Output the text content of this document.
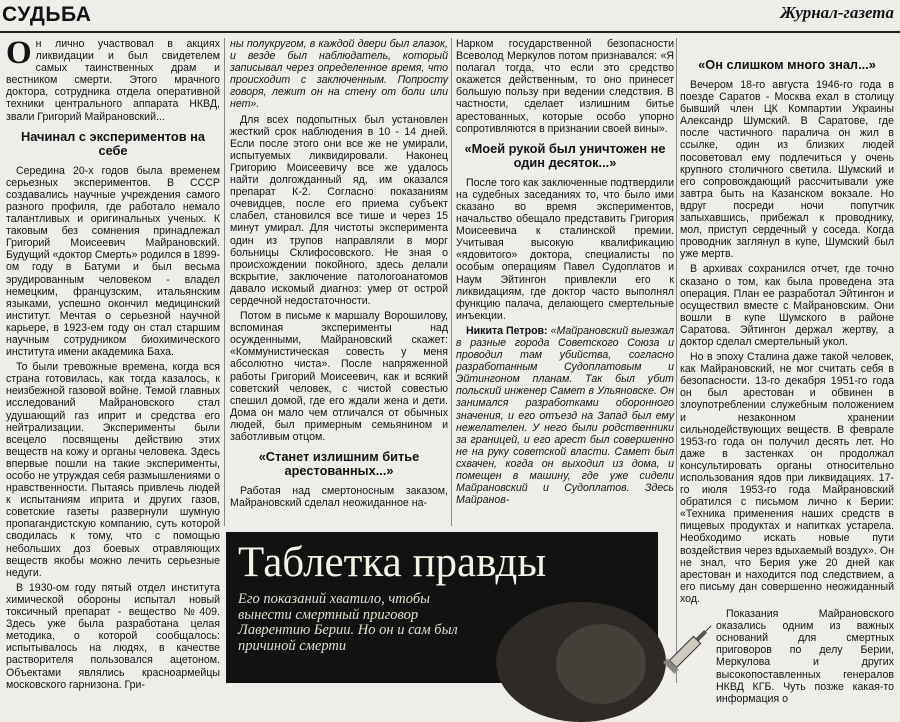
СУДЬБА	Журнал-газета

Он лично участвовал в акциях ликвидации и был свидетелем самых таинственных драм и вестником смерти. Этого мрачного доктора, сотрудника отдела оперативной техники центрального аппарата НКВД, звали Григорий Майрановский...

Начинал с экспериментов на себе

Середина 20-х годов была временем серьезных экспериментов. В СССР создавались научные учреждения самого разного профиля, где работало немало талантливых и оригинальных ученых. К таковым без сомнения принадлежал Григорий Моисеевич Майрановский. Будущий «доктор Смерть» родился в 1899-ом году в Батуми и был весьма эрудированным человеком - владел немецким, французским, итальянским языками, успешно окончил медицинский институт. Мечтая о серьезной научной карьере, в 1923-ем году он стал старшим научным сотрудником биохимического института имени академика Баха.

То были тревожные времена, когда вся страна готовилась, как тогда казалось, к неизбежной газовой войне. Темой главных исследований Майрановского стал удушающий газ иприт и средства его нейтрализации. Эксперименты были всецело посвящены действию этих веществ на кожу и органы человека. Здесь впервые пошли на такие эксперименты, особо не утруждая себя размышлениями о нравственности. Пытаясь привлечь людей к испытаниям иприта и других газов, советские газеты развернули шумную пропагандистскую компанию, суть которой сводилась к тому, что с помощью небольших доз боевых отравляющих веществ якобы можно лечить серьезные недуги.

В 1930-ом году пятый отдел института химической обороны испытал новый токсичный препарат - вещество №409. Здесь уже была разработана целая методика, о которой сообщалось: испытывалось на людях, в качестве растворителя пользовался ацетоном. Объектами являлись красноармейцы московского гарнизона. Гри-

ны полукругом, в каждой двери был глазок, и везде был наблюдатель, который записывал через определенное время, что происходит с заключенным. Попросту говоря, лежит он на стену от боли или нет».

Для всех подопытных был установлен жесткий срок наблюдения в 10 - 14 дней. Если после этого они все же не умирали, испытуемых ликвидировали. Наконец Григорию Моисеевичу все же удалось найти долгожданный яд, им оказался препарат К-2. Согласно показаниям очевидцев, после его приема субъект слабел, становился все тише и через 15 минут умирал. Для чистоты эксперимента один из трупов направляли в морг больницы Склифосовского. Не зная о происхождении покойного, здесь делали вскрытие, заключение патологоанатомов давало искомый диагноз: умер от острой сердечной недостаточности.

Потом в письме к маршалу Ворошилову, вспоминая эксперименты над осужденными, Майрановский скажет: «Коммунистическая совесть у меня абсолютно чиста». После напряженной работы Григорий Моисеевич, как и всякий советский человек, с чистой совестью спешил домой, где его ждали жена и дети. Дома он мало чем отличался от обычных людей, был примерным семьянином и заботливым отцом.

«Станет излишним битье арестованных...»

Работая над смертоносным заказом, Майрановский сделал неожиданное на-

Нарком государственной безопасности Всеволод Меркулов потом признавался: «Я полагал тогда, что если это средство окажется действенным, то оно принесет большую пользу при ведении следствия. В частности, сделает излишним битье арестованных, которые особо упорно сопротивляются в признании своей вины».

«Моей рукой был уничтожен не один десяток...»

После того как заключенные подтвердили на судебных заседаниях то, что было ими сказано во время экспериментов, начальство обещало представить Григория Моисеевича к сталинской премии. Учитывая высокую квалификацию «ядовитого» доктора, специалисты по особым операциям Павел Судоплатов и Наум Эйтингон привлекли его к ликвидациям, где доктор часто выполнял функцию палача, делающего смертельные инъекции.

Никита Петров: «Майрановский выезжал в разные города Советского Союза и проводил там убийства, согласно разработанным Судоплатовым и Эйтингоном планам. Так был убит польский инженер Самет в Ульяновске. Он занимался разработками оборонного значения, и его отъезд на Запад был ему нежелателен. У него были родственники за границей, и его арест был совершенно не на руку советской власти. Самет был схвачен, когда он выходил из дома, и помещен в машину, где уже сидели Майрановский и Судоплатов. Здесь Майранов-

«Он слишком много знал...»

Вечером 18-го августа 1946-го года в поезде Саратов - Москва ехал в столицу бывший член ЦК Компартии Украины Александр Шумский. В Саратове, где после частичного паралича он жил в ссылке, один из близких людей посоветовал ему подлечиться у очень крупного столичного светила. Шумский и его сопровождающий рассчитывали уже завтра быть на Казанском вокзале. Но вдруг посреди ночи попутчик запыхавшись, прибежал к проводнику, мол, приступ сердечный у соседа. Когда проводник заглянул в купе, Шумский был уже мертв.

В архивах сохранился отчет, где точно сказано о том, как была проведена эта операция. План ее разработал Эйтингон и осуществил вместе с Майрановским. Они вошли в купе Шумского в районе Саратова. Эйтингон держал жертву, а доктор сделал смертельный укол.

Но в эпоху Сталина даже такой человек, как Майрановский, не мог считать себя в безопасности. 13-го декабря 1951-го года он был арестован и обвинен в злоупотреблении служебным положением и незаконном хранении сильнодействующих веществ. В феврале 1953-го года он получил десять лет. Но даже в застенках он продолжал консультировать органы относительно использования ядов при ликвидациях. 17-го июля 1953-го года Майрановский обратился с письмом лично к Берии: «Техника применения наших средств в пищевых продуктах и напитках устарела. Необходимо искать новые пути воздействия через вдыхаемый воздух». Он не знал, что Берия уже 20 дней как арестован и находится под следствием, а его письму дан совершенно неожиданный ход.

Показания Майрановского оказались одним из важных оснований для смертных приговоров по делу Берии, Меркулова и других высокопоставленных генералов НКВД КГБ. Чуть позже какая-то информация о

Таблетка правды
Его показаний хватило, чтобы вынести смертный приговор Лаврентию Берии. Но он и сам был причиной смерти
